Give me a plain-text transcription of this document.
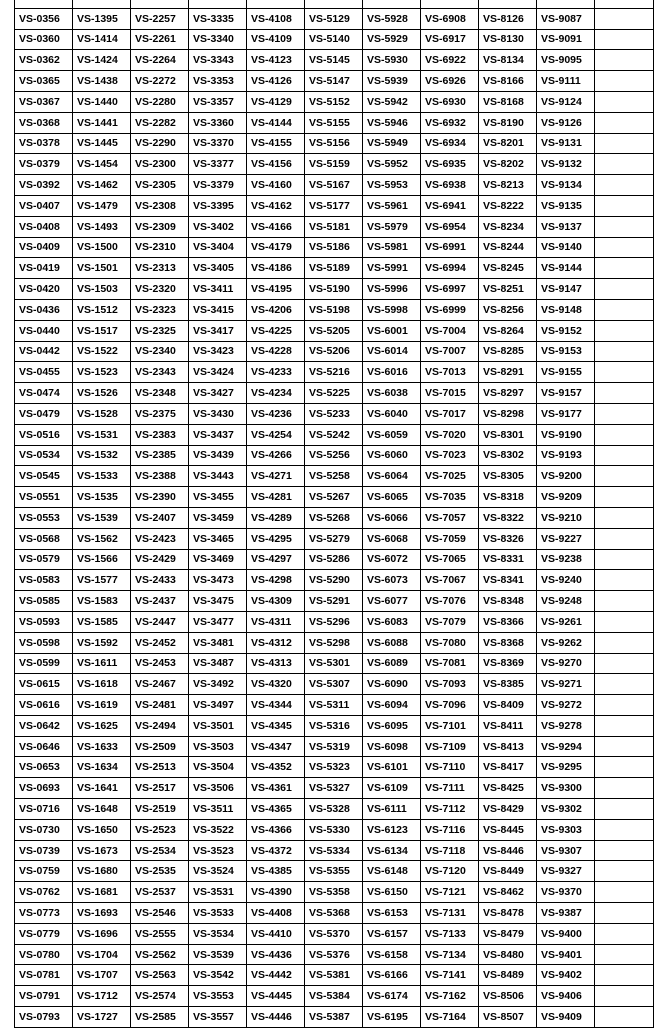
VS-0356	VS-1395	VS-2257	VS-3335	VS-4108	VS-5129	VS-5928	VS-6908	VS-8126	VS-9087	
VS-0360	VS-1414	VS-2261	VS-3340	VS-4109	VS-5140	VS-5929	VS-6917	VS-8130	VS-9091	
VS-0362	VS-1424	VS-2264	VS-3343	VS-4123	VS-5145	VS-5930	VS-6922	VS-8134	VS-9095	
VS-0365	VS-1438	VS-2272	VS-3353	VS-4126	VS-5147	VS-5939	VS-6926	VS-8166	VS-9111	
VS-0367	VS-1440	VS-2280	VS-3357	VS-4129	VS-5152	VS-5942	VS-6930	VS-8168	VS-9124	
VS-0368	VS-1441	VS-2282	VS-3360	VS-4144	VS-5155	VS-5946	VS-6932	VS-8190	VS-9126	
VS-0378	VS-1445	VS-2290	VS-3370	VS-4155	VS-5156	VS-5949	VS-6934	VS-8201	VS-9131	
VS-0379	VS-1454	VS-2300	VS-3377	VS-4156	VS-5159	VS-5952	VS-6935	VS-8202	VS-9132	
VS-0392	VS-1462	VS-2305	VS-3379	VS-4160	VS-5167	VS-5953	VS-6938	VS-8213	VS-9134	
VS-0407	VS-1479	VS-2308	VS-3395	VS-4162	VS-5177	VS-5961	VS-6941	VS-8222	VS-9135	
VS-0408	VS-1493	VS-2309	VS-3402	VS-4166	VS-5181	VS-5979	VS-6954	VS-8234	VS-9137	
VS-0409	VS-1500	VS-2310	VS-3404	VS-4179	VS-5186	VS-5981	VS-6991	VS-8244	VS-9140	
VS-0419	VS-1501	VS-2313	VS-3405	VS-4186	VS-5189	VS-5991	VS-6994	VS-8245	VS-9144	
VS-0420	VS-1503	VS-2320	VS-3411	VS-4195	VS-5190	VS-5996	VS-6997	VS-8251	VS-9147	
VS-0436	VS-1512	VS-2323	VS-3415	VS-4206	VS-5198	VS-5998	VS-6999	VS-8256	VS-9148	
VS-0440	VS-1517	VS-2325	VS-3417	VS-4225	VS-5205	VS-6001	VS-7004	VS-8264	VS-9152	
VS-0442	VS-1522	VS-2340	VS-3423	VS-4228	VS-5206	VS-6014	VS-7007	VS-8285	VS-9153	
VS-0455	VS-1523	VS-2343	VS-3424	VS-4233	VS-5216	VS-6016	VS-7013	VS-8291	VS-9155	
VS-0474	VS-1526	VS-2348	VS-3427	VS-4234	VS-5225	VS-6038	VS-7015	VS-8297	VS-9157	
VS-0479	VS-1528	VS-2375	VS-3430	VS-4236	VS-5233	VS-6040	VS-7017	VS-8298	VS-9177	
VS-0516	VS-1531	VS-2383	VS-3437	VS-4254	VS-5242	VS-6059	VS-7020	VS-8301	VS-9190	
VS-0534	VS-1532	VS-2385	VS-3439	VS-4266	VS-5256	VS-6060	VS-7023	VS-8302	VS-9193	
VS-0545	VS-1533	VS-2388	VS-3443	VS-4271	VS-5258	VS-6064	VS-7025	VS-8305	VS-9200	
VS-0551	VS-1535	VS-2390	VS-3455	VS-4281	VS-5267	VS-6065	VS-7035	VS-8318	VS-9209	
VS-0553	VS-1539	VS-2407	VS-3459	VS-4289	VS-5268	VS-6066	VS-7057	VS-8322	VS-9210	
VS-0568	VS-1562	VS-2423	VS-3465	VS-4295	VS-5279	VS-6068	VS-7059	VS-8326	VS-9227	
VS-0579	VS-1566	VS-2429	VS-3469	VS-4297	VS-5286	VS-6072	VS-7065	VS-8331	VS-9238	
VS-0583	VS-1577	VS-2433	VS-3473	VS-4298	VS-5290	VS-6073	VS-7067	VS-8341	VS-9240	
VS-0585	VS-1583	VS-2437	VS-3475	VS-4309	VS-5291	VS-6077	VS-7076	VS-8348	VS-9248	
VS-0593	VS-1585	VS-2447	VS-3477	VS-4311	VS-5296	VS-6083	VS-7079	VS-8366	VS-9261	
VS-0598	VS-1592	VS-2452	VS-3481	VS-4312	VS-5298	VS-6088	VS-7080	VS-8368	VS-9262	
VS-0599	VS-1611	VS-2453	VS-3487	VS-4313	VS-5301	VS-6089	VS-7081	VS-8369	VS-9270	
VS-0615	VS-1618	VS-2467	VS-3492	VS-4320	VS-5307	VS-6090	VS-7093	VS-8385	VS-9271	
VS-0616	VS-1619	VS-2481	VS-3497	VS-4344	VS-5311	VS-6094	VS-7096	VS-8409	VS-9272	
VS-0642	VS-1625	VS-2494	VS-3501	VS-4345	VS-5316	VS-6095	VS-7101	VS-8411	VS-9278	
VS-0646	VS-1633	VS-2509	VS-3503	VS-4347	VS-5319	VS-6098	VS-7109	VS-8413	VS-9294	
VS-0653	VS-1634	VS-2513	VS-3504	VS-4352	VS-5323	VS-6101	VS-7110	VS-8417	VS-9295	
VS-0693	VS-1641	VS-2517	VS-3506	VS-4361	VS-5327	VS-6109	VS-7111	VS-8425	VS-9300	
VS-0716	VS-1648	VS-2519	VS-3511	VS-4365	VS-5328	VS-6111	VS-7112	VS-8429	VS-9302	
VS-0730	VS-1650	VS-2523	VS-3522	VS-4366	VS-5330	VS-6123	VS-7116	VS-8445	VS-9303	
VS-0739	VS-1673	VS-2534	VS-3523	VS-4372	VS-5334	VS-6134	VS-7118	VS-8446	VS-9307	
VS-0759	VS-1680	VS-2535	VS-3524	VS-4385	VS-5355	VS-6148	VS-7120	VS-8449	VS-9327	
VS-0762	VS-1681	VS-2537	VS-3531	VS-4390	VS-5358	VS-6150	VS-7121	VS-8462	VS-9370	
VS-0773	VS-1693	VS-2546	VS-3533	VS-4408	VS-5368	VS-6153	VS-7131	VS-8478	VS-9387	
VS-0779	VS-1696	VS-2555	VS-3534	VS-4410	VS-5370	VS-6157	VS-7133	VS-8479	VS-9400	
VS-0780	VS-1704	VS-2562	VS-3539	VS-4436	VS-5376	VS-6158	VS-7134	VS-8480	VS-9401	
VS-0781	VS-1707	VS-2563	VS-3542	VS-4442	VS-5381	VS-6166	VS-7141	VS-8489	VS-9402	
VS-0791	VS-1712	VS-2574	VS-3553	VS-4445	VS-5384	VS-6174	VS-7162	VS-8506	VS-9406	
VS-0793	VS-1727	VS-2585	VS-3557	VS-4446	VS-5387	VS-6195	VS-7164	VS-8507	VS-9409	
